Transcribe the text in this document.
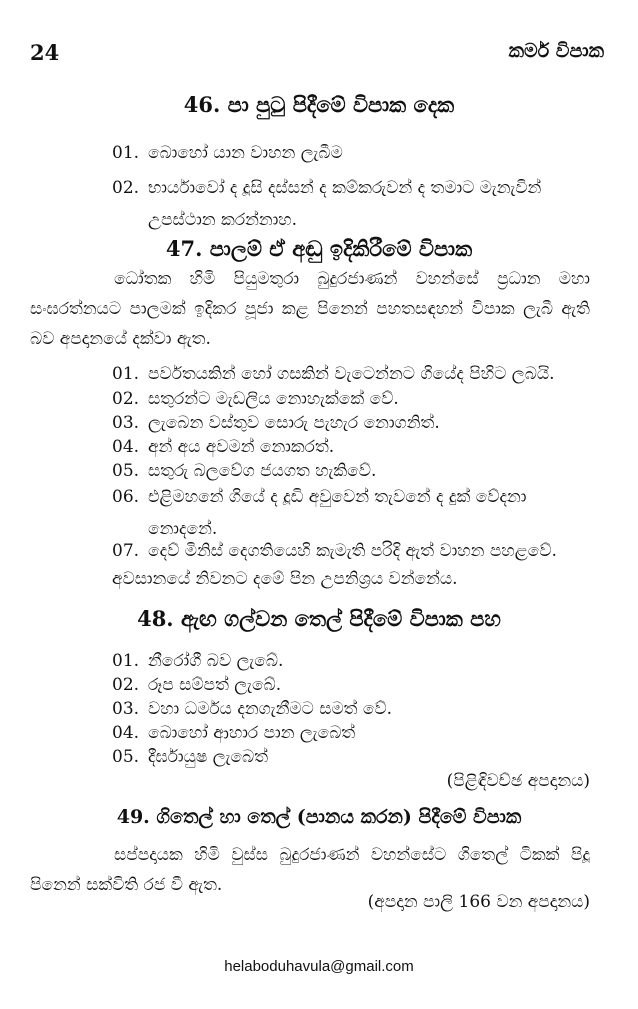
24	කර්ම විපාක
46. පා පුටු පිදීමේ විපාක දෙක
01. බොහෝ යාන වාහන ලැබීම
02. භාර්යාවෝ ද දූසි දස්සන් ද කම්කරුවන් ද තමාට මැනැවින්
උපස්ථාන කරන්නාහ.
47. පාලම් ඒ අඬු ඉදිකිරීමේ විපාක
ධෝතක හිමි පියුමතුරා බුදුරජාණන් වහන්සේ ප්‍රධාන මහා සංඝරත්නයට පාලමක් ඉදිකර පූජා කළ පිනෙන් පහතසඳහන් විපාක ලැබී ඇති බව අපදානයේ දක්වා ඇත.
01. පර්වතයකින් හෝ ගසකින් වැටෙන්නට ගියේද පිහිට ලබයි.
02. සතුරන්ට මැඩලිය නොහැක්කේ වේ.
03. ලැබෙන වස්තුව සොරු පැහැර නොගනිත්.
04. අන් අය අවමන් නොකරත්.
05. සතුරු බලවේග ජයගත හැකිවේ.
06. එළිමහනේ ගියේ ද දූඩි අවුවෙන් තැවනේ ද දුක් වේදනා
නොදනේ.
07. දෙව් මිනිස් දෙගතියෙහි කැමැති පරිදි ඇත් වාහන පහළවේ.
අවසානයේ නිවනට දමේ පින උපනිශ්‍රය වන්නේය.
48. ඇඟ ගල්වන තෙල් පිදීමේ විපාක පහ
01. නීරෝගී බව ලැබේ.
02. රූප සම්පත් ලැබේ.
03. වහා ධර්මය දනගැනීමට සමත් වේ.
04. බොහෝ ආහාර පාන ලැබෙත්
05. දීර්ඝායුෂ ලැබෙත්
(පිළිඳිවච්ඡ අපදානය)
49. ගිතෙල් හා තෙල් (පානය කරන) පිදීමේ විපාක
සප්පදායක හිමි වුස්ස බුදුරජාණන් වහන්සේට ගිතෙල් ටිකක් පිදූ පිනෙන් සක්විති රජ වී ඇත.
(අපදාන පාලි 166 වන අපදානය)
helaboduhavula@gmail.com
